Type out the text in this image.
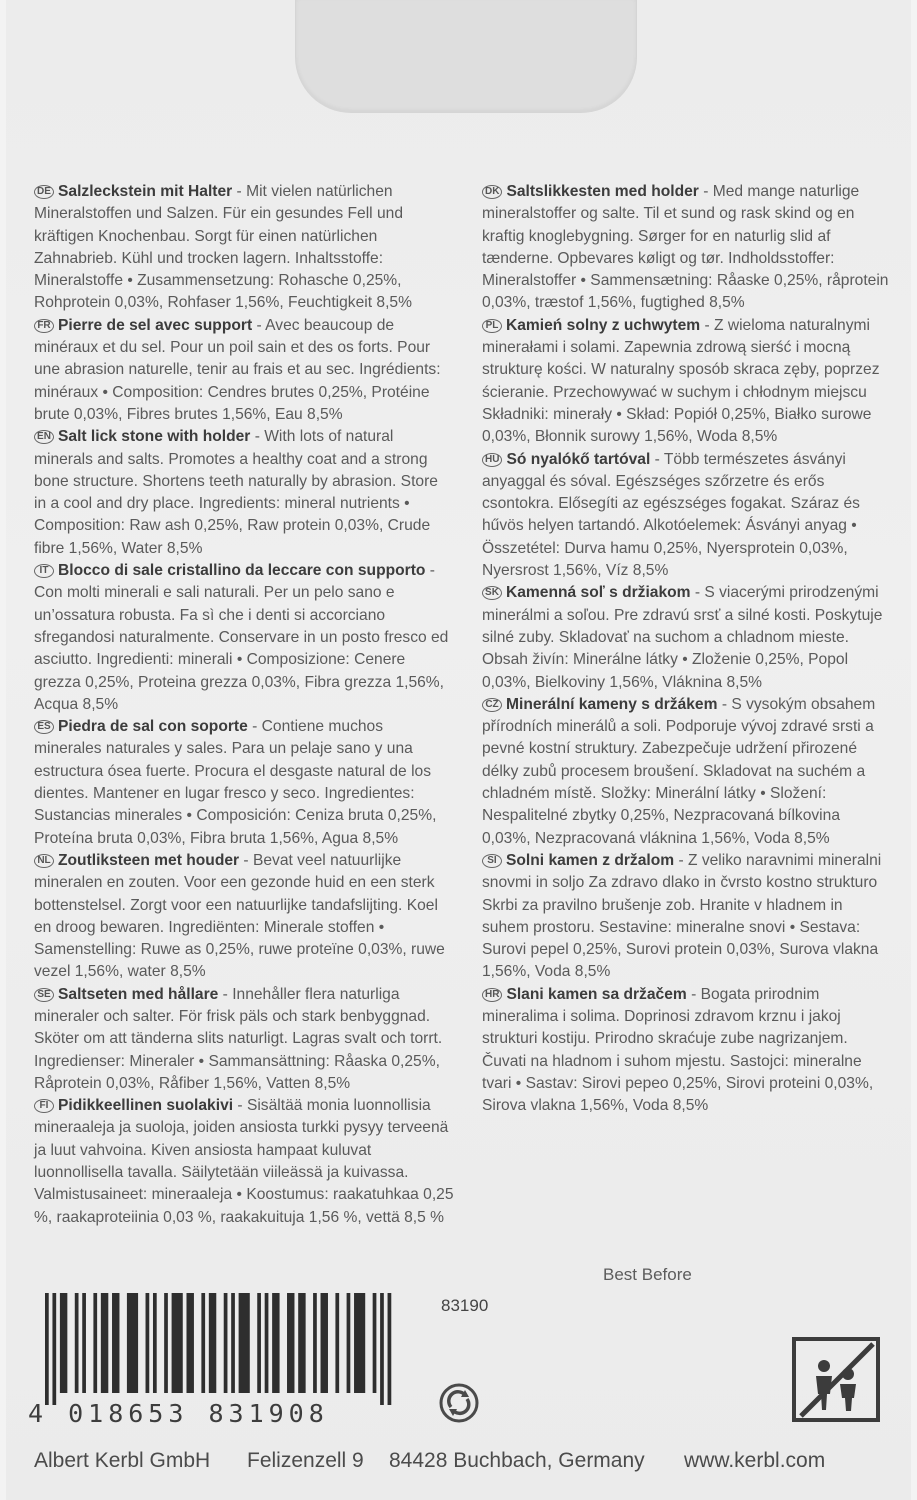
DE Salzleckstein mit Halter - Mit vielen natürlichen Mineralstoffen und Salzen. Für ein gesundes Fell und kräftigen Knochenbau. Sorgt für einen natürlichen Zahnabrieb. Kühl und trocken lagern. Inhaltsstoffe: Mineralstoffe • Zusammensetzung: Rohasche 0,25%, Rohprotein 0,03%, Rohfaser 1,56%, Feuchtigkeit 8,5%

FR Pierre de sel avec support - Avec beaucoup de minéraux et du sel. Pour un poil sain et des os forts. Pour une abrasion naturelle, tenir au frais et au sec. Ingrédients: minéraux • Composition: Cendres brutes 0,25%, Protéine brute 0,03%, Fibres brutes 1,56%, Eau 8,5%

EN Salt lick stone with holder - With lots of natural minerals and salts. Promotes a healthy coat and a strong bone structure. Shortens teeth naturally by abrasion. Store in a cool and dry place. Ingredients: mineral nutrients • Composition: Raw ash 0,25%, Raw protein 0,03%, Crude fibre 1,56%, Water 8,5%

IT Blocco di sale cristallino da leccare con supporto - Con molti minerali e sali naturali. Per un pelo sano e un’ossatura robusta. Fa sì che i denti si accorciano sfregandosi naturalmente. Conservare in un posto fresco ed asciutto. Ingredienti: minerali • Composizione: Cenere grezza 0,25%, Proteina grezza 0,03%, Fibra grezza 1,56%, Acqua 8,5%

ES Piedra de sal con soporte - Contiene muchos minerales naturales y sales. Para un pelaje sano y una estructura ósea fuerte. Procura el desgaste natural de los dientes. Mantener en lugar fresco y seco. Ingredientes: Sustancias minerales • Composición: Ceniza bruta 0,25%, Proteína bruta 0,03%, Fibra bruta 1,56%, Agua 8,5%

NL Zoutliksteen met houder - Bevat veel natuurlijke mineralen en zouten. Voor een gezonde huid en een sterk bottenstelsel. Zorgt voor een natuurlijke tandafslijting. Koel en droog bewaren. Ingrediënten: Minerale stoffen • Samenstelling: Ruwe as 0,25%, ruwe proteïne 0,03%, ruwe vezel 1,56%, water 8,5%

SE Saltseten med hållare - Innehåller flera naturliga mineraler och salter. För frisk päls och stark benbyggnad. Sköter om att tänderna slits naturligt. Lagras svalt och torrt. Ingredienser: Mineraler • Sammansättning: Råaska 0,25%, Råprotein 0,03%, Råfiber 1,56%, Vatten 8,5%

FI Pidikkeellinen suolakivi - Sisältää monia luonnollisia mineraaleja ja suoloja, joiden ansiosta turkki pysyy terveenä ja luut vahvoina. Kiven ansiosta hampaat kuluvat luonnollisella tavalla. Säilytetään viileässä ja kuivassa. Valmistusaineet: mineraaleja • Koostumus: raakatuhkaa 0,25 %, raakaproteiinia 0,03 %, raakakuituja 1,56 %, vettä 8,5 %

DK Saltslikkesten med holder - Med mange naturlige mineralstoffer og salte. Til et sund og rask skind og en kraftig knoglebygning. Sørger for en naturlig slid af tænderne. Opbevares køligt og tør. Indholdsstoffer: Mineralstoffer • Sammensætning: Råaske 0,25%, råprotein 0,03%, træstof 1,56%, fugtighed 8,5%

PL Kamień solny z uchwytem - Z wieloma naturalnymi minerałami i solami. Zapewnia zdrową sierść i mocną strukturę kości. W naturalny sposób skraca zęby, poprzez ścieranie. Przechowywać w suchym i chłodnym miejscu Składniki: minerały • Skład: Popiół 0,25%, Białko surowe 0,03%, Błonnik surowy 1,56%, Woda 8,5%

HU Só nyalókő tartóval - Több természetes ásványi anyaggal és sóval. Egészséges szőrzetre és erős csontokra. Elősegíti az egészséges fogakat. Száraz és hűvös helyen tartandó. Alkotóelemek: Ásványi anyag • Összetétel: Durva hamu 0,25%, Nyersprotein 0,03%, Nyersrost 1,56%, Víz 8,5%

SK Kamenná soľ s držiakom - S viacerými prirodzenými minerálmi a soľou. Pre zdravú srsť a silné kosti. Poskytuje silné zuby. Skladovať na suchom a chladnom mieste. Obsah živín: Minerálne látky • Zloženie 0,25%, Popol 0,03%, Bielkoviny 1,56%, Vláknina 8,5%

CZ Minerální kameny s držákem - S vysokým obsahem přírodních minerálů a soli. Podporuje vývoj zdravé srsti a pevné kostní struktury. Zabezpečuje udržení přirozené délky zubů procesem broušení. Skladovat na suchém a chladném místě. Složky: Minerální látky • Složení: Nespalitelné zbytky 0,25%, Nezpracovaná bílkovina 0,03%, Nezpracovaná vláknina 1,56%, Voda 8,5%

SI Solni kamen z držalom - Z veliko naravnimi mineralni snovmi in soljo Za zdravo dlako in čvrsto kostno strukturo Skrbi za pravilno brušenje zob. Hranite v hladnem in suhem prostoru. Sestavine: mineralne snovi • Sestava: Surovi pepel 0,25%, Surovi protein 0,03%, Surova vlakna 1,56%, Voda 8,5%

HR Slani kamen sa držačem - Bogata prirodnim mineralima i solima. Doprinosi zdravom krznu i jakoj strukturi kostiju. Prirodno skraćuje zube nagrizanjem. Čuvati na hladnom i suhom mjestu. Sastojci: mineralne tvari • Sastav: Sirovi pepeo 0,25%, Sirovi proteini 0,03%, Sirova vlakna 1,56%, Voda 8,5%

Best Before
83190
4 018653 831908
Albert Kerbl GmbH Felizenzell 9 84428 Buchbach, Germany www.kerbl.com
